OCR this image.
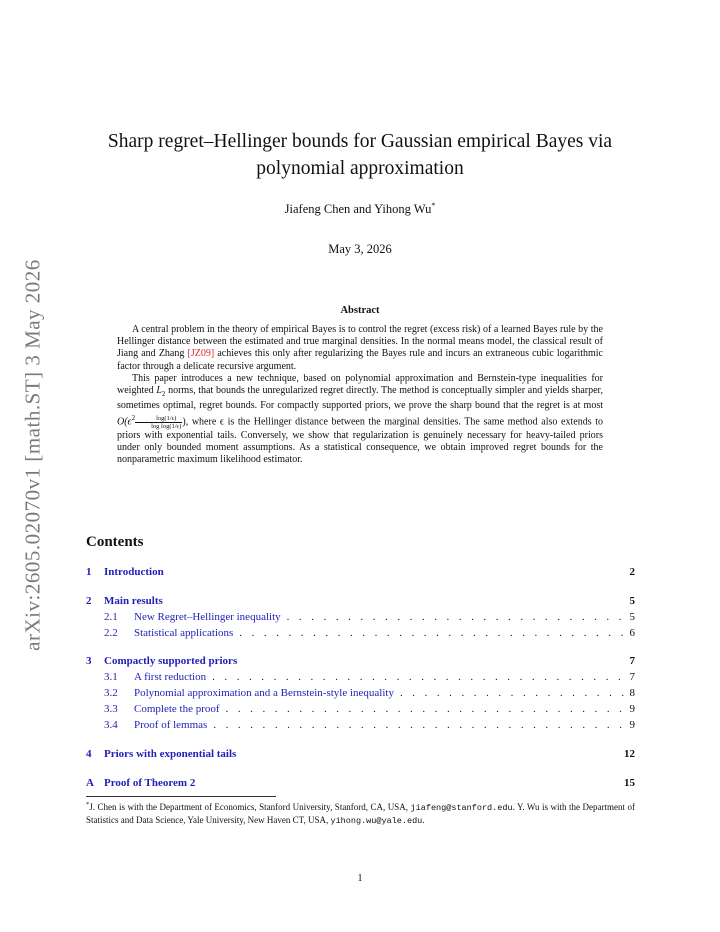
arXiv:2605.02070v1 [math.ST] 3 May 2026
Sharp regret–Hellinger bounds for Gaussian empirical Bayes via
polynomial approximation
Jiafeng Chen and Yihong Wu*
May 3, 2026
Abstract

A central problem in the theory of empirical Bayes is to control the regret (excess risk) of a learned Bayes rule by the Hellinger distance between the estimated and true marginal densities. In the normal means model, the classical result of Jiang and Zhang [JZ09] achieves this only after regularizing the Bayes rule and incurs an extraneous cubic logarithmic factor through a delicate recursive argument.

This paper introduces a new technique, based on polynomial approximation and Bernstein-type inequalities for weighted $L_2$ norms, that bounds the unregularized regret directly. The method is conceptually simpler and yields sharper, sometimes optimal, regret bounds. For compactly supported priors, we prove the sharp bound that the regret is at most $O(\epsilon^2 \frac{\log(1/\epsilon)}{\text{log log(1/ϵ)}}$ ), where ϵ is the Hellinger distance between the marginal densities. The same method also extends to priors with exponential tails. Conversely, we show that regularization is genuinely necessary for heavy-tailed priors under only bounded moment assumptions. As a statistical consequence, we obtain improved regret bounds for the nonparametric maximum likelihood estimator.

Contents
1	Introduction	2
2	Main results	5
2.1	New Regret–Hellinger inequality . . .	5
2.2	Statistical applications . . .	6
3	Compactly supported priors	7
3.1	A first reduction . . .	7
3.2	Polynomial approximation and a Bernstein-style inequality . . .	8
3.3	Complete the proof . . .	9
3.4	Proof of lemmas . . .	9
4	Priors with exponential tails	12
A Proof of Theorem 2	15

*J. Chen is with the Department of Economics, Stanford University, Stanford, CA, USA, jiafeng@stanford.edu. Y. Wu is with the Department of Statistics and Data Science, Yale University, New Haven CT, USA, yihong.wu@yale.edu.

1
